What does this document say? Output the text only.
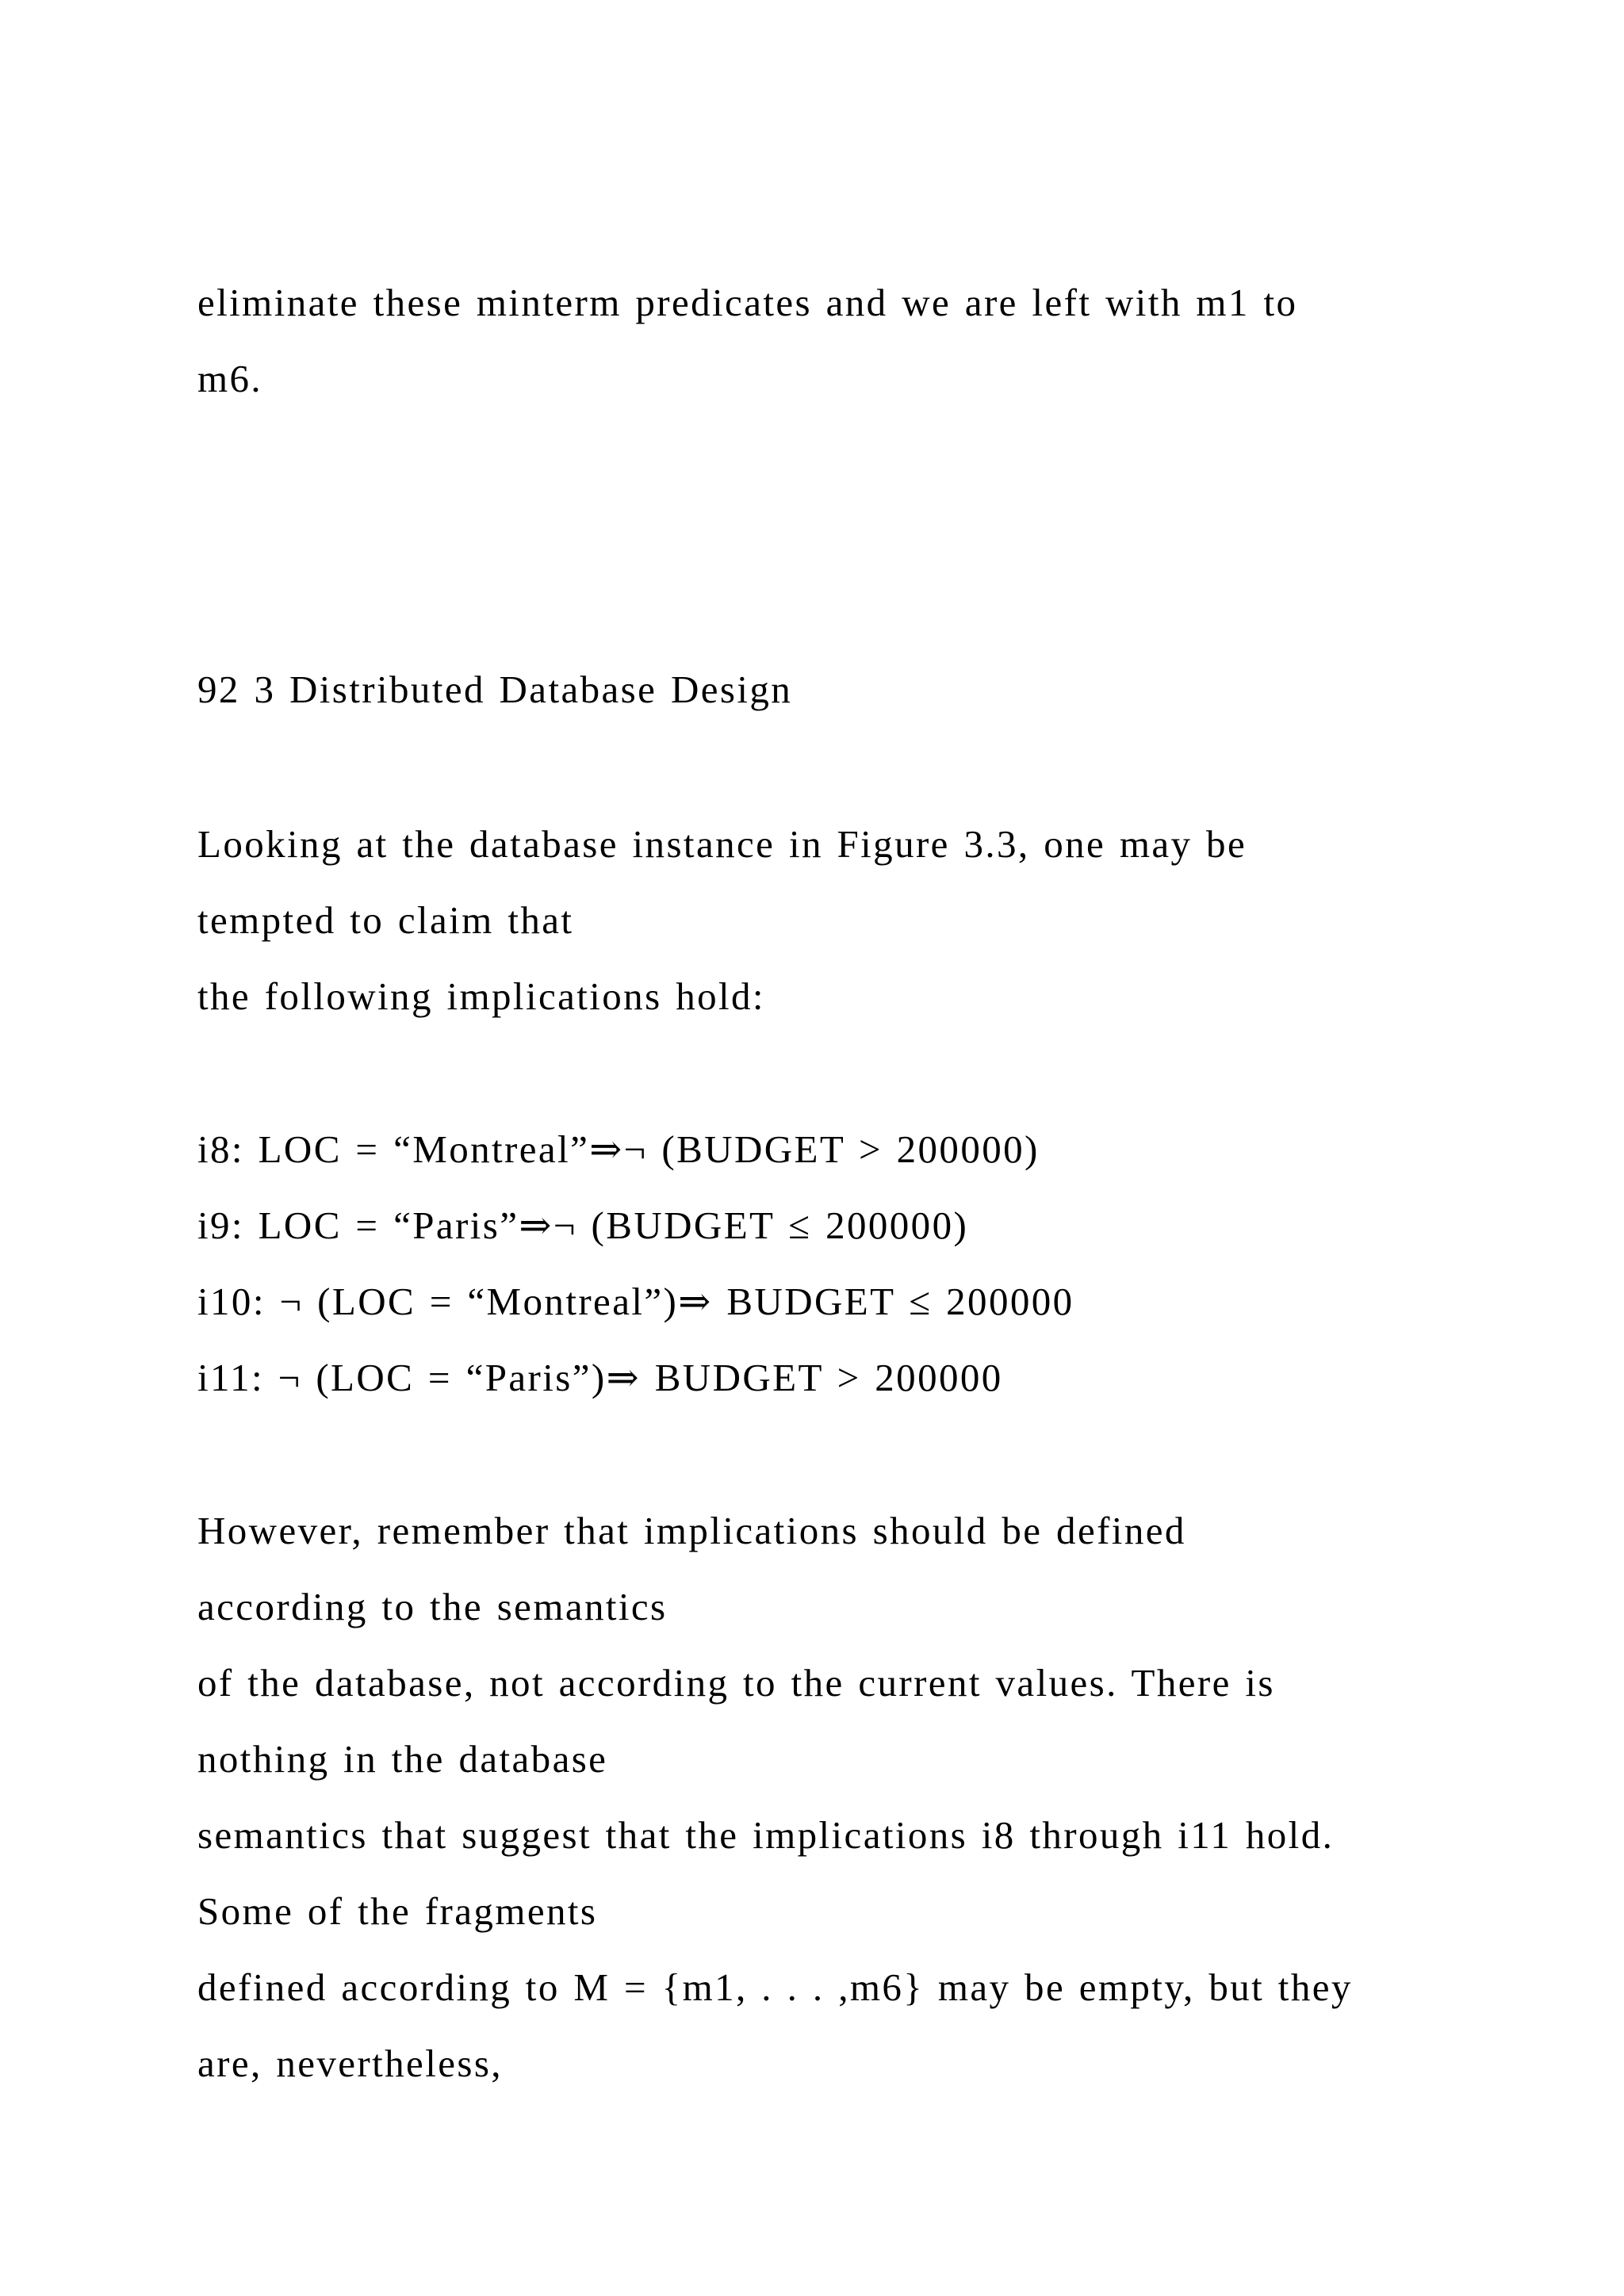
eliminate these minterm predicates and we are left with m1 to
m6.
92 3 Distributed Database Design
Looking at the database instance in Figure 3.3, one may be
tempted to claim that
the following implications hold:
i8: LOC = “Montreal”⇒¬ (BUDGET > 200000)
i9: LOC = “Paris”⇒¬ (BUDGET ≤ 200000)
i10: ¬ (LOC = “Montreal”)⇒ BUDGET ≤ 200000
i11: ¬ (LOC = “Paris”)⇒ BUDGET > 200000
However, remember that implications should be defined
according to the semantics
of the database, not according to the current values. There is
nothing in the database
semantics that suggest that the implications i8 through i11 hold.
Some of the fragments
defined according to M = {m1, . . . ,m6} may be empty, but they
are, nevertheless,
